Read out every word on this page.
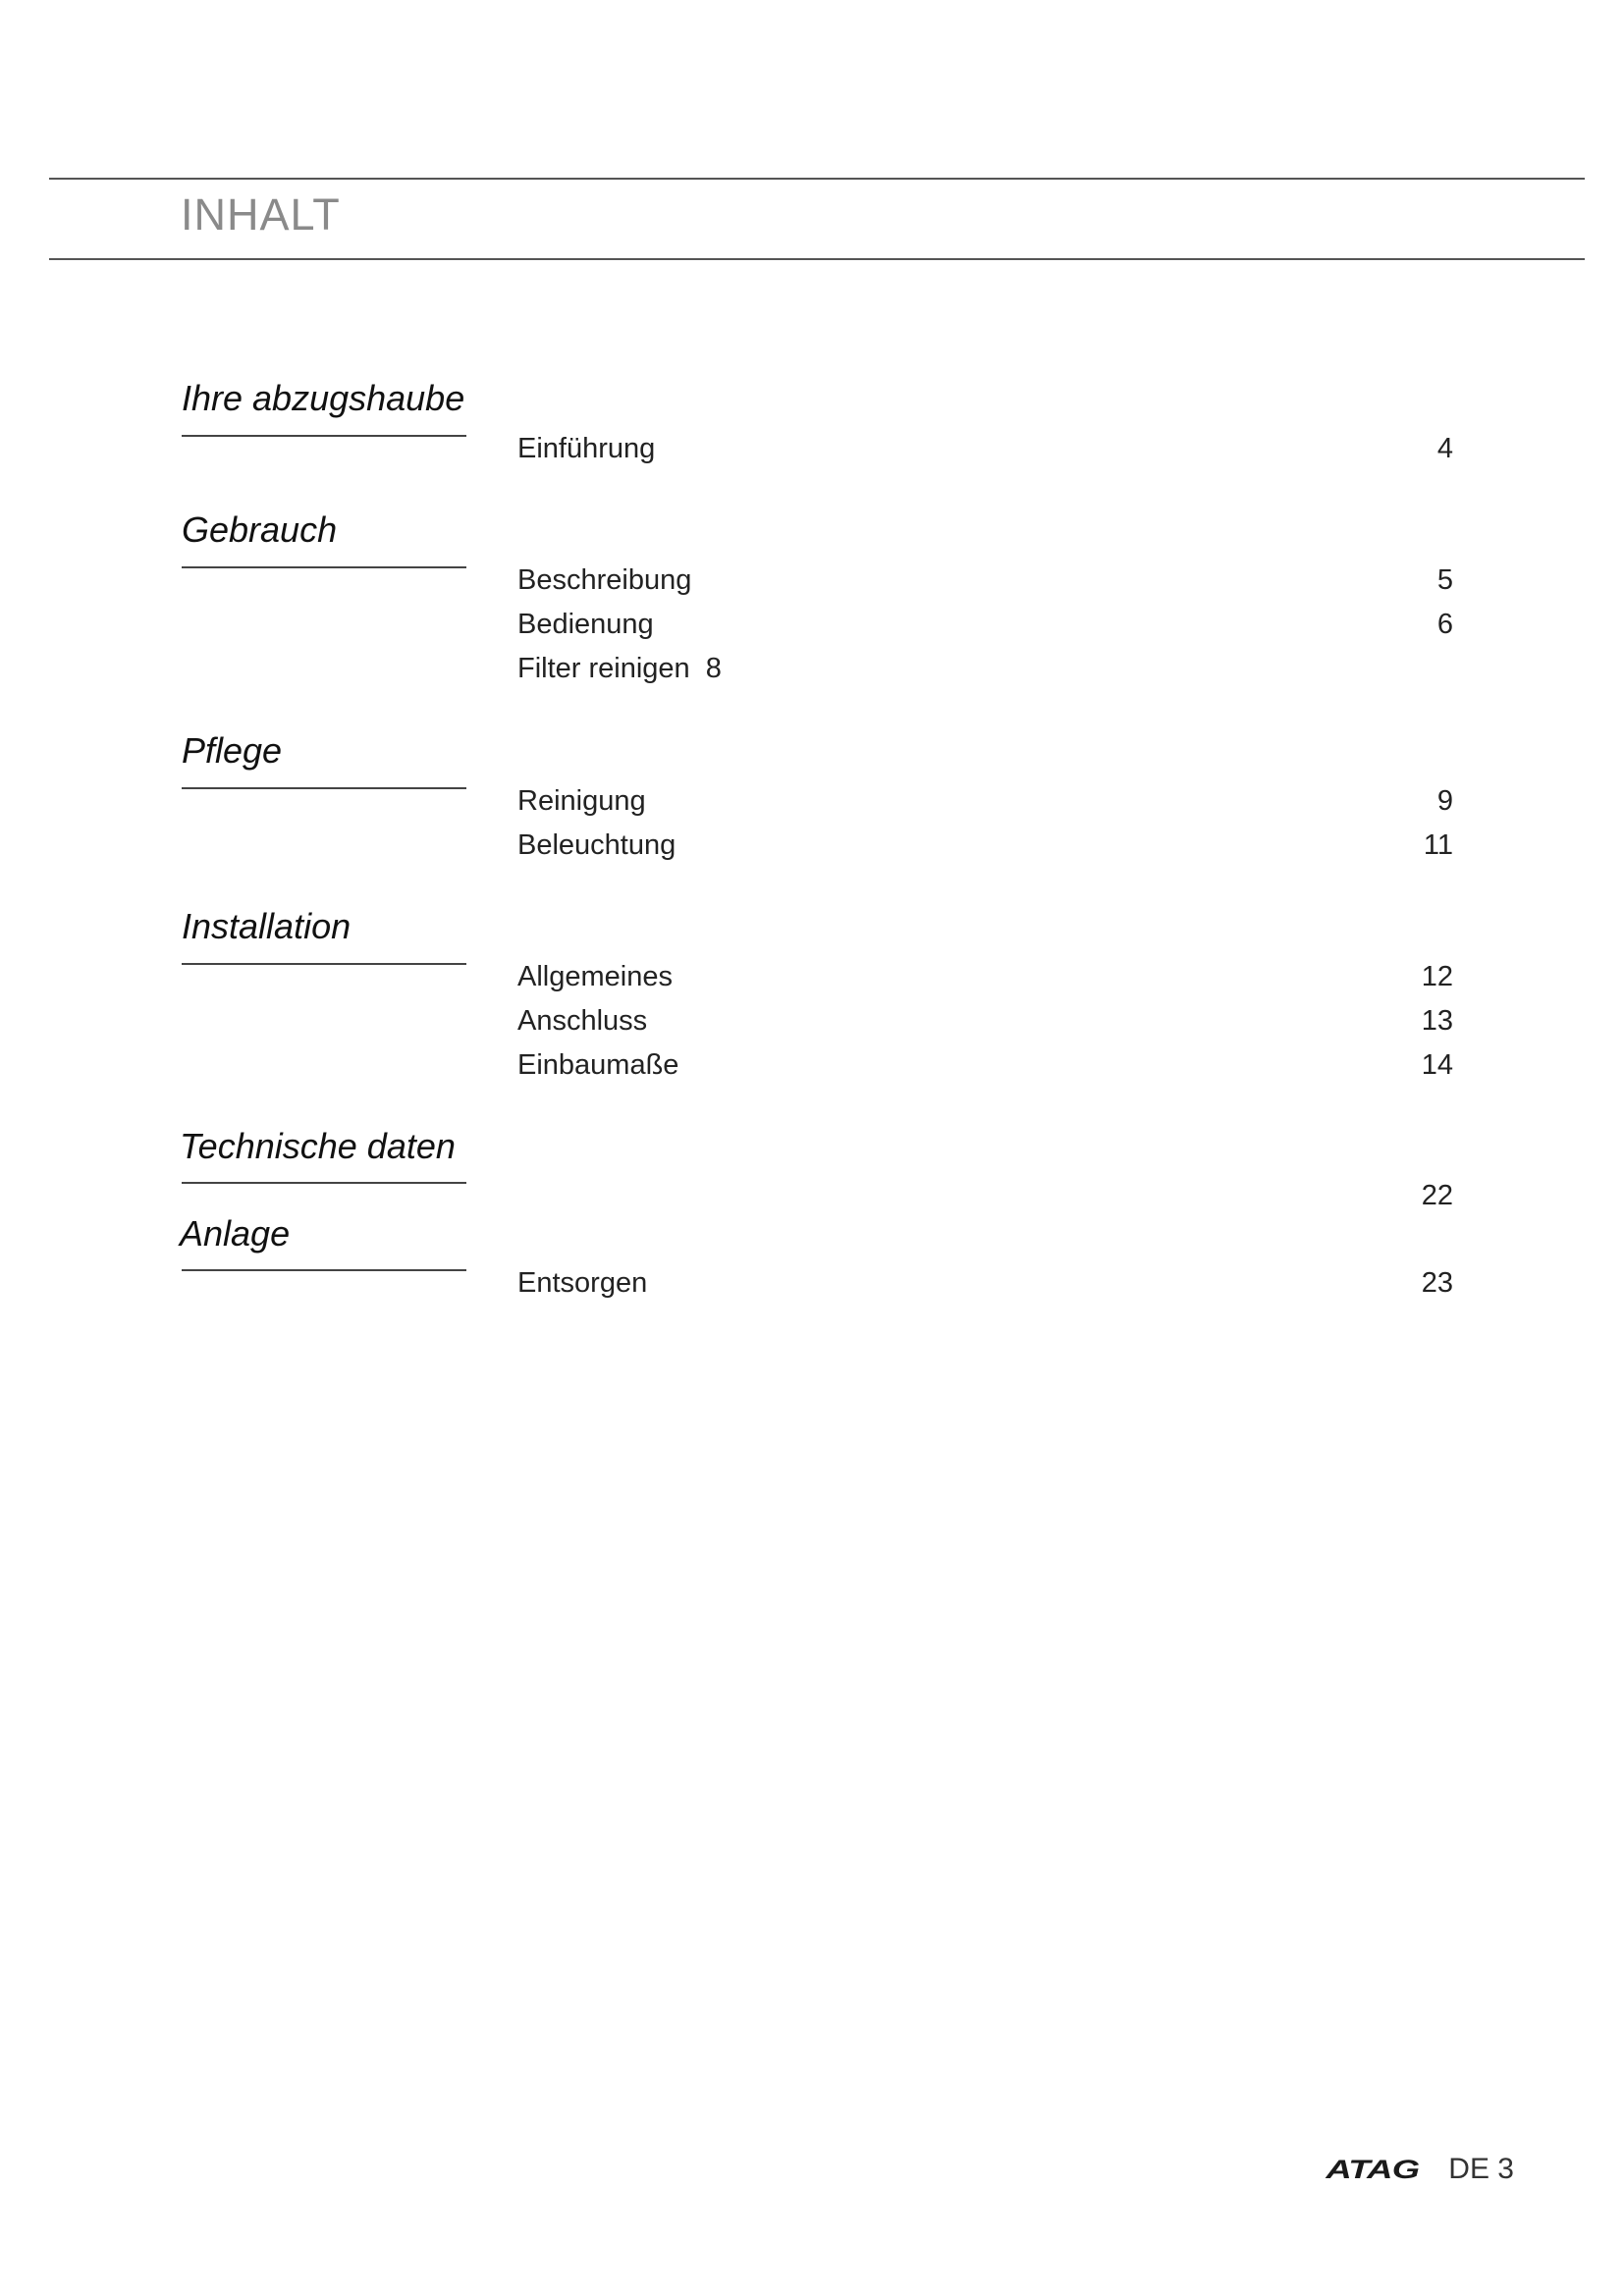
INHALT
Ihre abzugshaube
Einführung	4
Gebrauch
Beschreibung	5
Bedienung	6
Filter reinigen  8
Pflege
Reinigung	9
Beleuchtung	11
Installation
Allgemeines	12
Anschluss	13
Einbaumaße	14
Technische daten
22
Anlage
Entsorgen	23
ATAG DE 3
